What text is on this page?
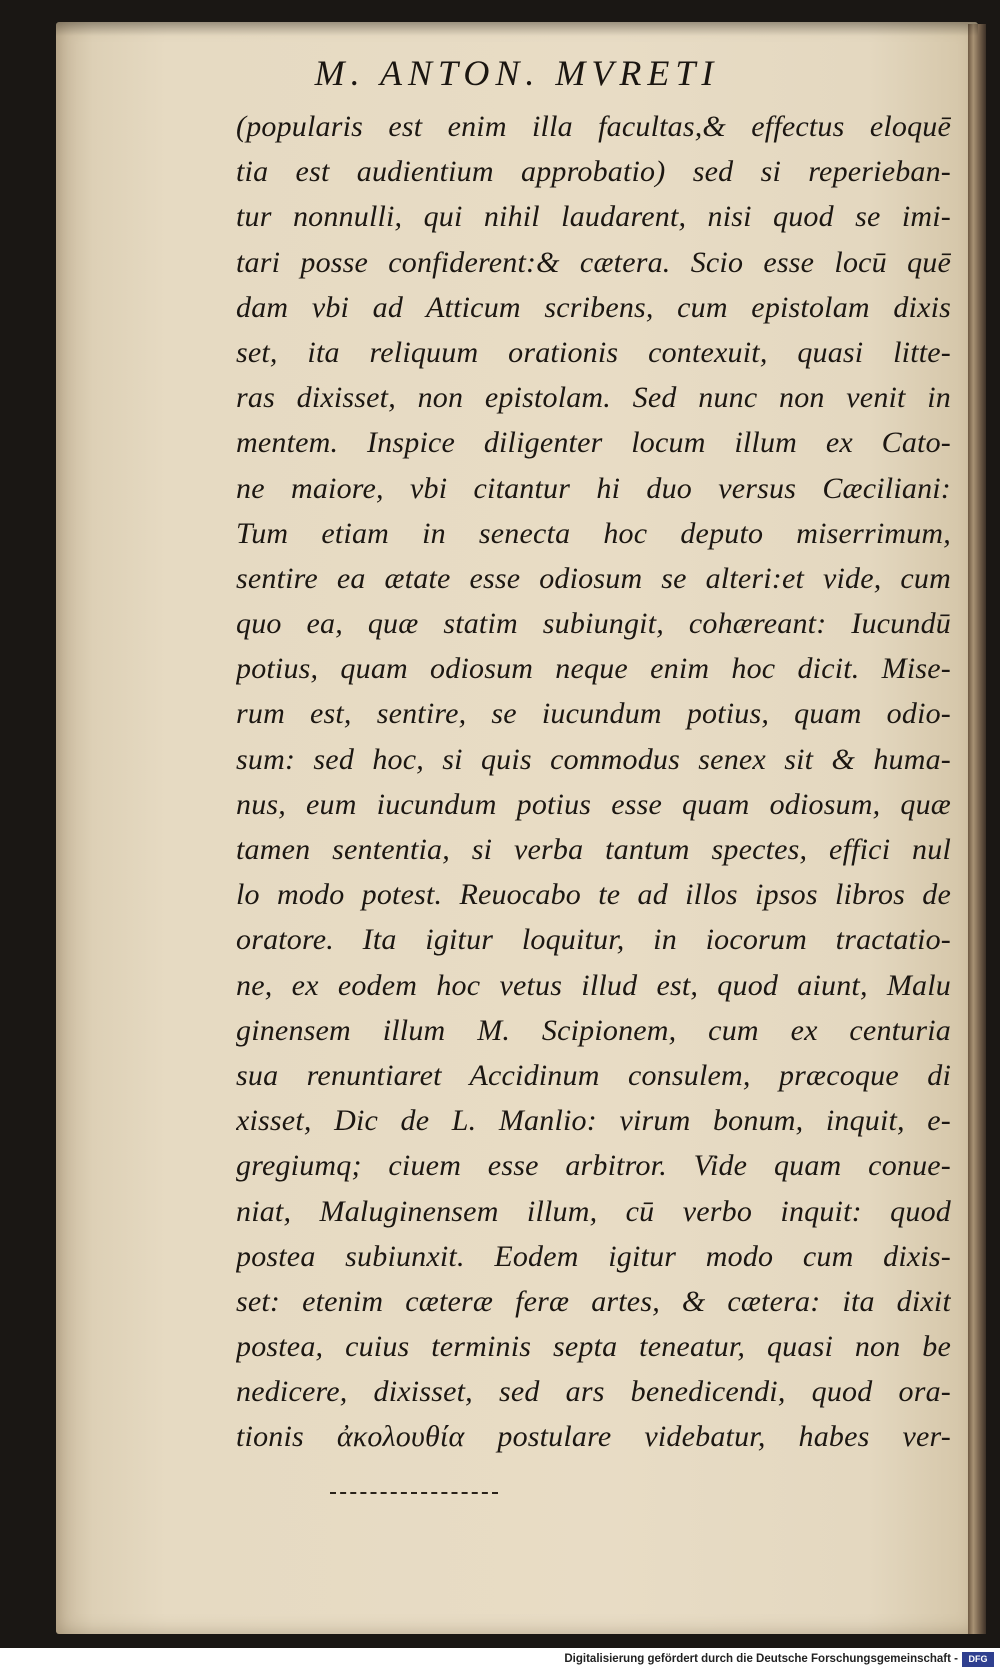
M. ANTON. MVRETI
(popularis est enim illa facultas,& effectus eloquē
tia est audientium approbatio) sed si reperieban-
tur nonnulli, qui nihil laudarent, nisi quod se imi-
tari posse confiderent:& cætera. Scio esse locū quē
dam vbi ad Atticum scribens, cum epistolam dixis
set, ita reliquum orationis contexuit, quasi litte-
ras dixisset, non epistolam. Sed nunc non venit in
mentem. Inspice diligenter locum illum ex Cato-
ne maiore, vbi citantur hi duo versus Cæciliani:
Tum etiam in senecta hoc deputo miserrimum,
sentire ea ætate esse odiosum se alteri:et vide, cum
quo ea, quæ statim subiungit, cohæreant: Iucundū
potius, quam odiosum neque enim hoc dicit. Mise-
rum est, sentire, se iucundum potius, quam odio-
sum: sed hoc, si quis commodus senex sit & huma-
nus, eum iucundum potius esse quam odiosum, quæ
tamen sententia, si verba tantum spectes, effici nul
lo modo potest. Reuocabo te ad illos ipsos libros de
oratore. Ita igitur loquitur, in iocorum tractatio-
ne, ex eodem hoc vetus illud est, quod aiunt, Malu
ginensem illum M. Scipionem, cum ex centuria
sua renuntiaret Accidinum consulem, præcoque di
xisset, Dic de L. Manlio: virum bonum, inquit, e-
gregiumq; ciuem esse arbitror. Vide quam conue-
niat, Maluginensem illum, cū verbo inquit: quod
postea subiunxit. Eodem igitur modo cum dixis-
set: etenim cæteræ feræ artes, & cætera: ita dixit
postea, cuius terminis septa teneatur, quasi non be
nedicere, dixisset, sed ars benedicendi, quod ora-
tionis ἀκολουθία postulare videbatur, habes ver-
Digitalisierung gefördert durch die Deutsche Forschungsgemeinschaft -	DFG
